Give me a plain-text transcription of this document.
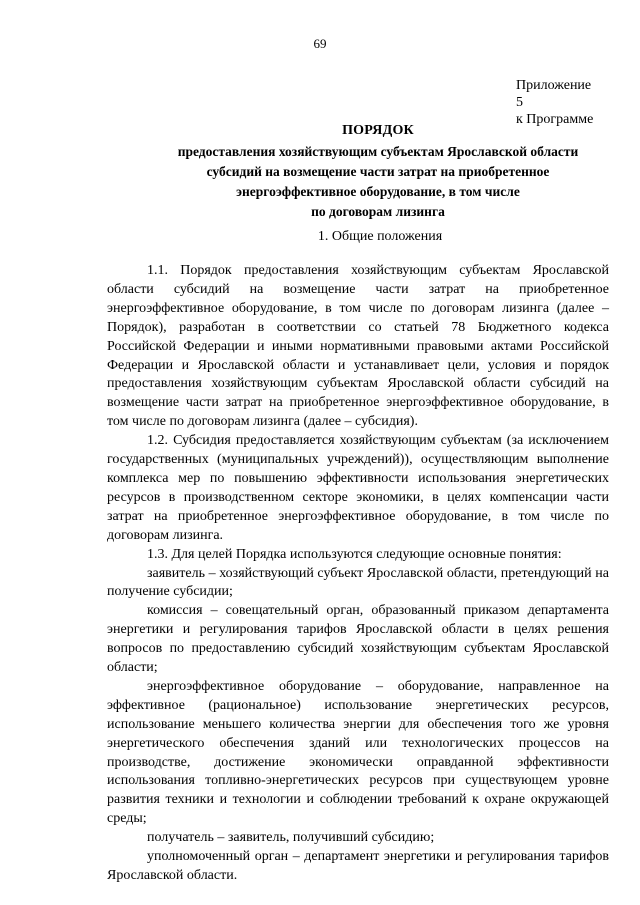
69
Приложение 5
к Программе
ПОРЯДОК
предоставления хозяйствующим субъектам Ярославской области
субсидий на возмещение части затрат на приобретенное
энергоэффективное оборудование, в том числе
по договорам лизинга
1. Общие положения

1.1. Порядок предоставления хозяйствующим субъектам Ярославской области субсидий на возмещение части затрат на приобретенное энергоэффективное оборудование, в том числе по договорам лизинга (далее – Порядок), разработан в соответствии со статьей 78 Бюджетного кодекса Российской Федерации и иными нормативными правовыми актами Российской Федерации и Ярославской области и устанавливает цели, условия и порядок предоставления хозяйствующим субъектам Ярославской области субсидий на возмещение части затрат на приобретенное энергоэффективное оборудование, в том числе по договорам лизинга (далее – субсидия).

1.2. Субсидия предоставляется хозяйствующим субъектам (за исключением государственных (муниципальных учреждений)), осуществляющим выполнение комплекса мер по повышению эффективности использования энергетических ресурсов в производственном секторе экономики, в целях компенсации части затрат на приобретенное энергоэффективное оборудование, в том числе по договорам лизинга.

1.3. Для целей Порядка используются следующие основные понятия:

заявитель – хозяйствующий субъект Ярославской области, претендующий на получение субсидии;

комиссия – совещательный орган, образованный приказом департамента энергетики и регулирования тарифов Ярославской области в целях решения вопросов по предоставлению субсидий хозяйствующим субъектам Ярославской области;

энергоэффективное оборудование – оборудование, направленное на эффективное (рациональное) использование энергетических ресурсов, использование меньшего количества энергии для обеспечения того же уровня энергетического обеспечения зданий или технологических процессов на производстве, достижение экономически оправданной эффективности использования топливно-энергетических ресурсов при существующем уровне развития техники и технологии и соблюдении требований к охране окружающей среды;

получатель – заявитель, получивший субсидию;

уполномоченный орган – департамент энергетики и регулирования тарифов Ярославской области.
